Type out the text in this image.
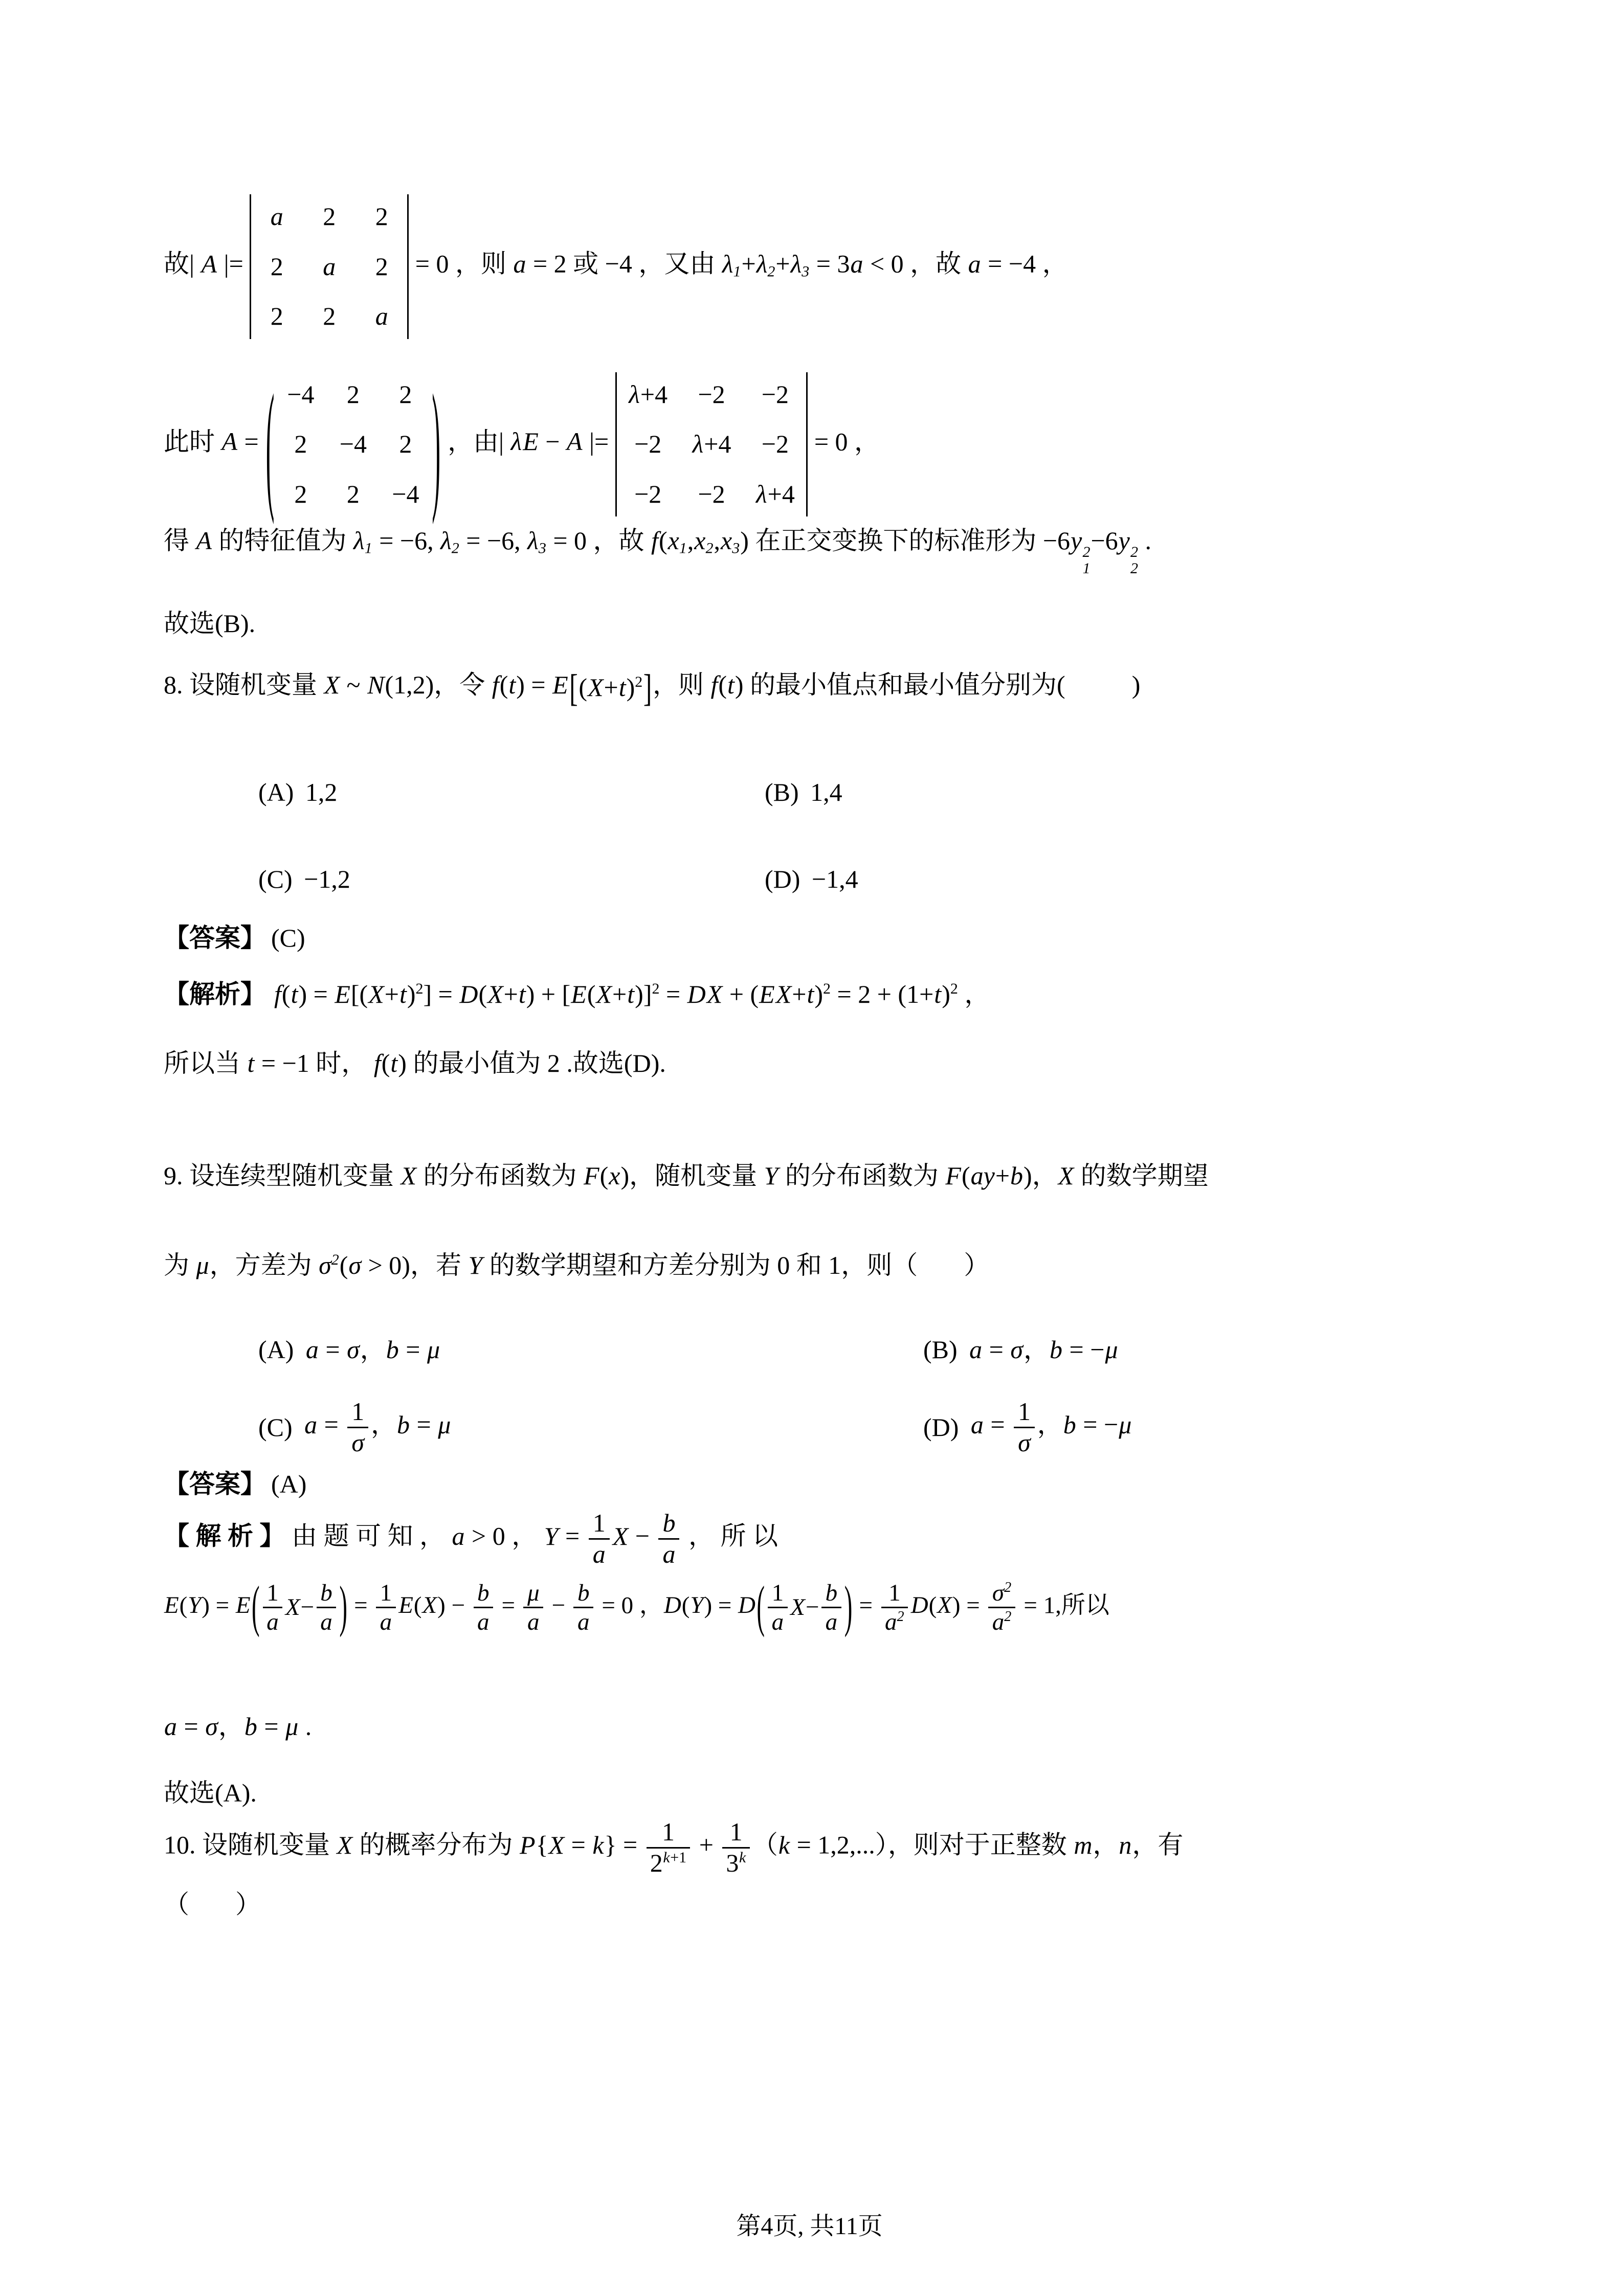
故| A |=
a	2	2
2	a	2
2	2	a
= 0 ，则 a = 2 或 −4 ，又由 $\lambda_1+\lambda_2+\lambda_3 = 3a < 0$ ，故 a = −4 ，
此时 A = ( −4	2	2
2	−4	2
2	2	−4 ) ，由| λE − A |=
λ+4 −2 −2
−2 λ+4 −2
−2 −2 λ+4
= 0 ，
得 A 的特征值为 $\lambda_1 = -6$, $\lambda_2 = -6$, $\lambda_3 = 0$ ，故 $f(x_1,x_2,x_3)$ 在正交变换下的标准形为 −6y 2
1
−6y 2
2
.
故选(B).
8. 设随机变量 X ~ N(1,2)，令 f(t) = E [ ( X + t )$^2$ ] ，则 f(t) 的最小值点和最小值分别为(	)
(A) 1,2	(B) 1,4
(C) −1,2	(D) −1,4
【答案】 (C)
【解析】 $f(t) = E[(X+t)^2] = D(X+t) + [E(X+t)]^2$ = DX + $(EX+t)^2 = 2 + (1+t)^2$ ，
所以当 t = −1 时， f(t) 的最小值为 2 .故选(D).
9. 设连续型随机变量 X 的分布函数为 F(x)，随机变量 Y 的分布函数为 F(ay+b)，X 的数学期望
为 μ，方差为 $\sigma^2(\sigma > 0)$，若 Y 的数学期望和方差分别为 0 和 1，则（ ）
(A) a = σ，b = μ	(B) a = σ，b = −μ
(C) $a = \frac{1}{\sigma}$ ，b = μ	(D) $a = \frac{1}{\sigma}$ ，b = −μ
【答案】 (A)
【 解 析 】 由 题 可 知 ， a > 0 ， $Y = \frac{1}{a}$ $X - \frac{b}{a}$ ， 所 以
E(Y) = E ( $\frac{1}{a}$ $X - \frac{b}{a}$ ) = $\frac{1}{a} E(X) - \frac{b}{a} = \frac{\mu}{a} - \frac{b}{a} = 0$ ，D(Y) = D ( $\frac{1}{a}$ $X - \frac{b}{a}$ ) = $\frac{1}{a^2} D(X) = \frac{\sigma^2}{a^2} = 1$,所以
a = σ，b = μ .
故选(A).
10. 设随机变量 X 的概率分布为 $P\{X = k\} = \frac{1}{2^{k+1}} + \frac{1}{3^k} (k = 1,2,...)$，则对于正整数 m，n，有
（ ）
第4页, 共11页
